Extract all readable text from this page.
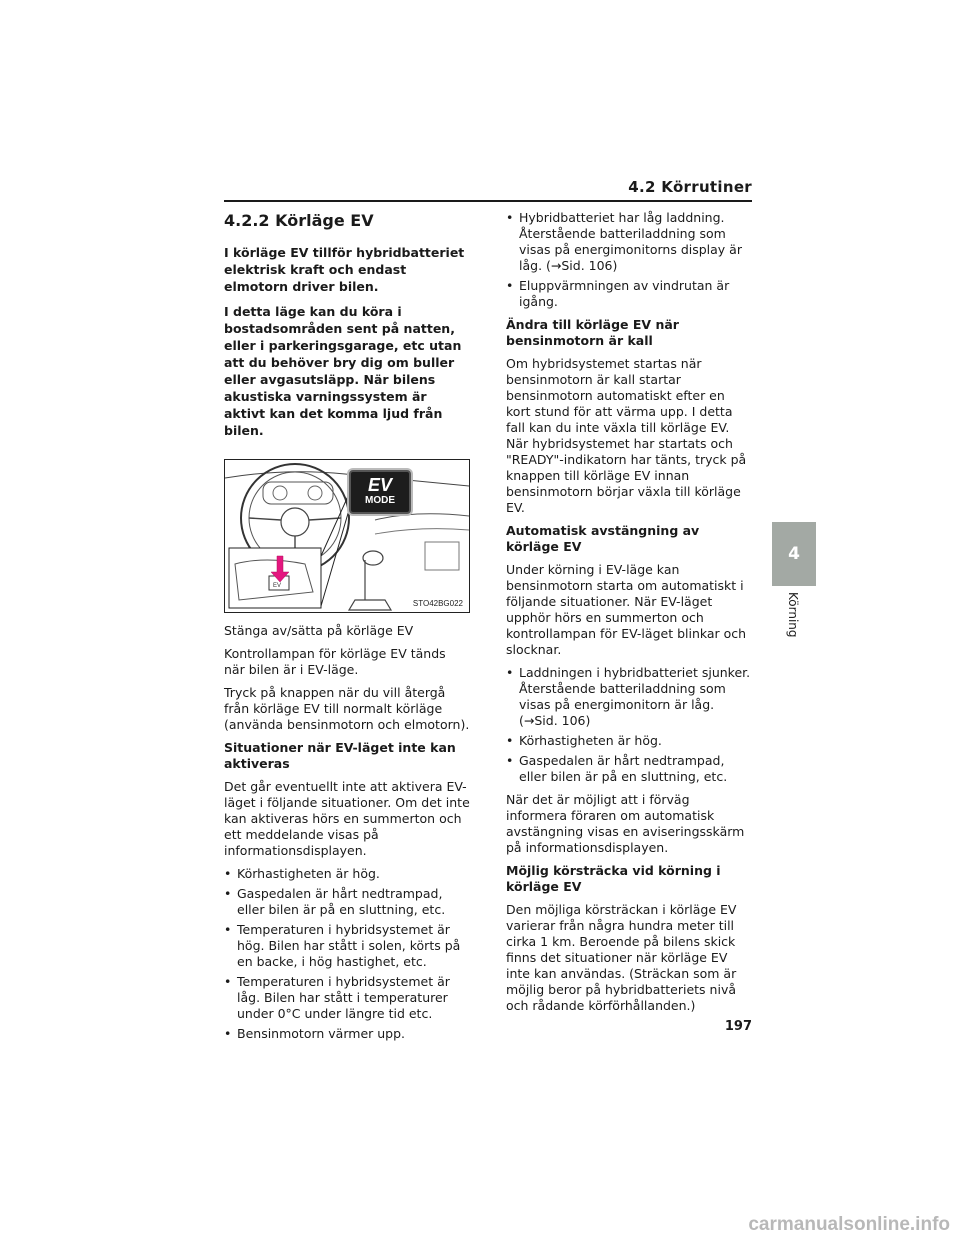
4.2 Körrutiner
4.2.2 Körläge EV

I körläge EV tillför hybridbatteriet elektrisk kraft och endast elmotorn driver bilen.

I detta läge kan du köra i bostadsområden sent på natten, eller i parkeringsgarage, etc utan att du behöver bry dig om buller eller avgasutsläpp. När bilens akustiska varningssystem är aktivt kan det komma ljud från bilen.

EV
EV
MODE
STO42BG022

Stänga av/sätta på körläge EV

Kontrollampan för körläge EV tänds när bilen är i EV-läge.

Tryck på knappen när du vill återgå från körläge EV till normalt körläge (använda bensinmotorn och elmotorn).

Situationer när EV-läget inte kan aktiveras

Det går eventuellt inte att aktivera EV-läget i följande situationer. Om det inte kan aktiveras hörs en summerton och ett meddelande visas på informationsdisplayen.

• Körhastigheten är hög.
• Gaspedalen är hårt nedtrampad, eller bilen är på en sluttning, etc.
• Temperaturen i hybridsystemet är hög. Bilen har stått i solen, körts på en backe, i hög hastighet, etc.
• Temperaturen i hybridsystemet är låg. Bilen har stått i temperaturer under 0°C under längre tid etc.
• Bensinmotorn värmer upp.
• Hybridbatteriet har låg laddning. Återstående batteriladdning som visas på energimonitorns display är låg. (→Sid. 106)
• Eluppvärmningen av vindrutan är igång.

Ändra till körläge EV när bensinmotorn är kall

Om hybridsystemet startas när bensinmotorn är kall startar bensinmotorn automatiskt efter en kort stund för att värma upp. I detta fall kan du inte växla till körläge EV. När hybridsystemet har startats och "READY"-indikatorn har tänts, tryck på knappen till körläge EV innan bensinmotorn börjar växla till körläge EV.

Automatisk avstängning av körläge EV

Under körning i EV-läge kan bensinmotorn starta om automatiskt i följande situationer. När EV-läget upphör hörs en summerton och kontrollampan för EV-läget blinkar och slocknar.

• Laddningen i hybridbatteriet sjunker. Återstående batteriladdning som visas på energimonitorn är låg. (→Sid. 106)
• Körhastigheten är hög.
• Gaspedalen är hårt nedtrampad, eller bilen är på en sluttning, etc.

När det är möjligt att i förväg informera föraren om automatisk avstängning visas en aviseringsskärm på informationsdisplayen.

Möjlig körsträcka vid körning i körläge EV

Den möjliga körsträckan i körläge EV varierar från några hundra meter till cirka 1 km. Beroende på bilens skick finns det situationer när körläge EV inte kan användas. (Sträckan som är möjlig beror på hybridbatteriets nivå och rådande körförhållanden.)

4
Körning
197
carmanualsonline.info
